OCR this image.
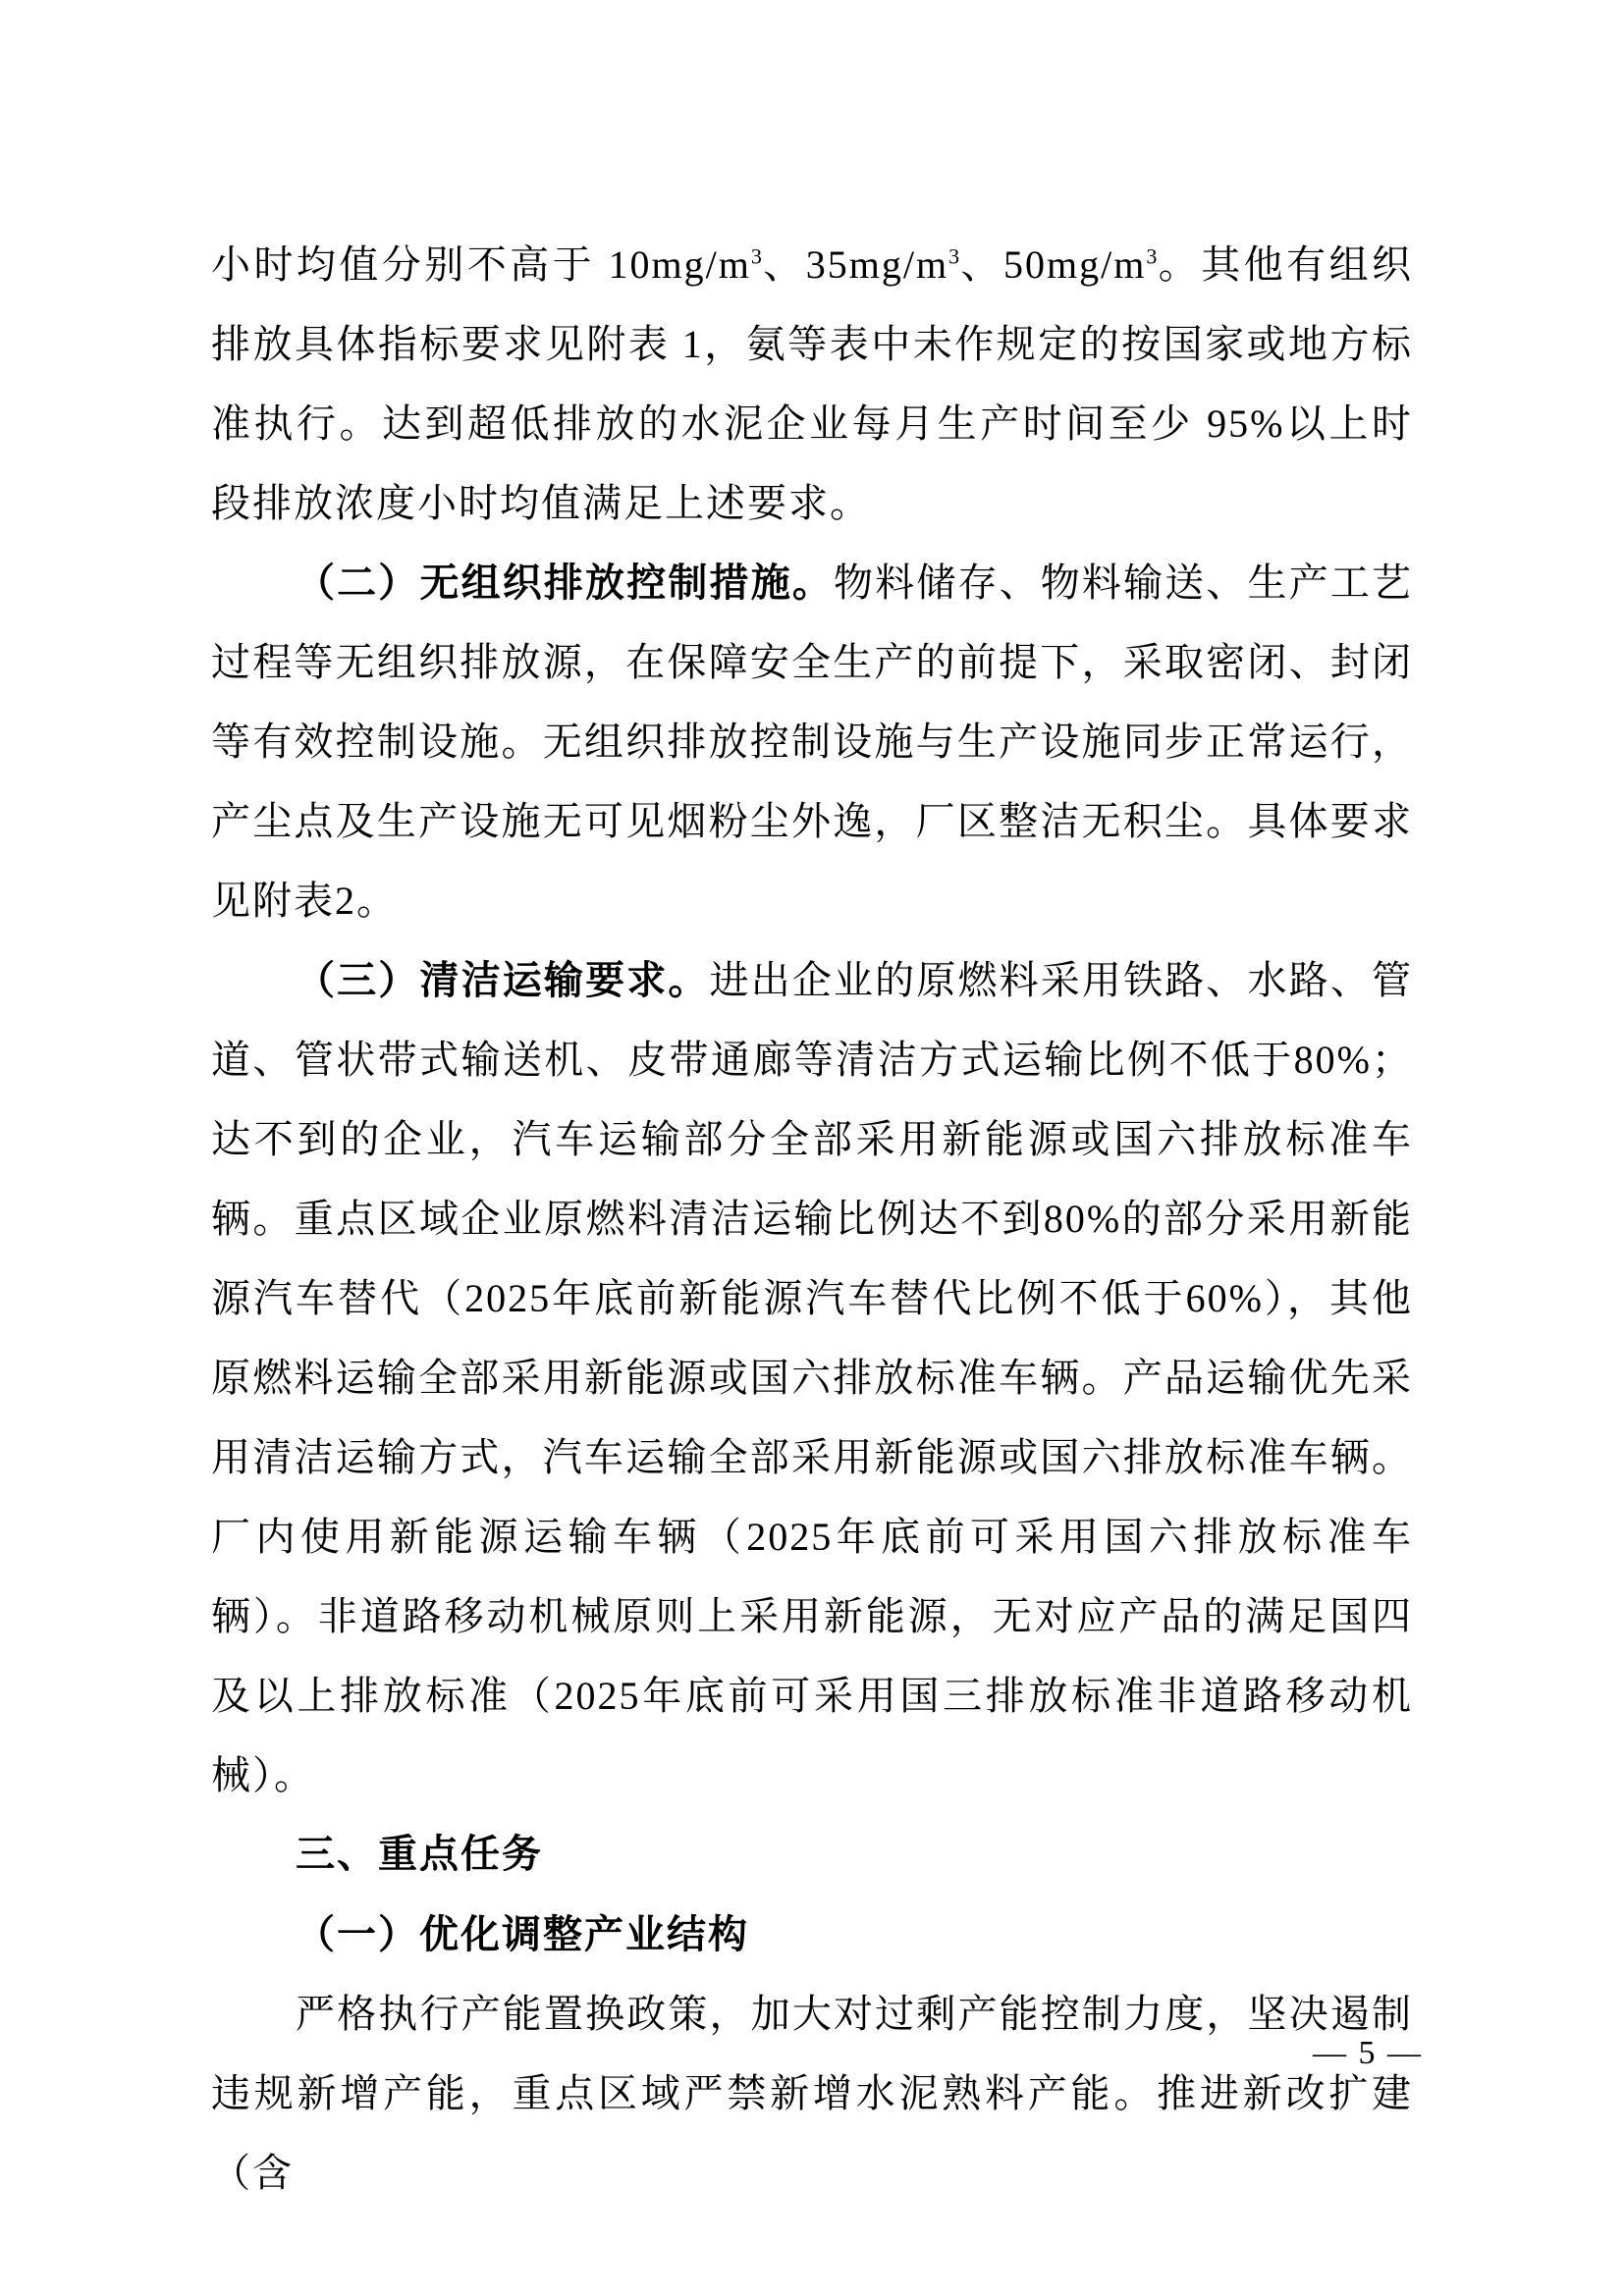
小时均值分别不高于 $10mg/m^3$、$35mg/m^3$、$50mg/m^3$。其他有组织排放具体指标要求见附表 1，氨等表中未作规定的按国家或地方标准执行。达到超低排放的水泥企业每月生产时间至少 95%以上时段排放浓度小时均值满足上述要求。

（二）无组织排放控制措施。物料储存、物料输送、生产工艺过程等无组织排放源，在保障安全生产的前提下，采取密闭、封闭等有效控制设施。无组织排放控制设施与生产设施同步正常运行，产尘点及生产设施无可见烟粉尘外逸，厂区整洁无积尘。具体要求见附表2。

（三）清洁运输要求。进出企业的原燃料采用铁路、水路、管道、管状带式输送机、皮带通廊等清洁方式运输比例不低于80%；达不到的企业，汽车运输部分全部采用新能源或国六排放标准车辆。重点区域企业原燃料清洁运输比例达不到80%的部分采用新能源汽车替代（2025年底前新能源汽车替代比例不低于60%），其他原燃料运输全部采用新能源或国六排放标准车辆。产品运输优先采用清洁运输方式，汽车运输全部采用新能源或国六排放标准车辆。厂内使用新能源运输车辆（2025年底前可采用国六排放标准车辆）。非道路移动机械原则上采用新能源，无对应产品的满足国四及以上排放标准（2025年底前可采用国三排放标准非道路移动机械）。

三、重点任务

（一）优化调整产业结构

严格执行产能置换政策，加大对过剩产能控制力度，坚决遏制违规新增产能，重点区域严禁新增水泥熟料产能。推进新改扩建（含

— 5 —
